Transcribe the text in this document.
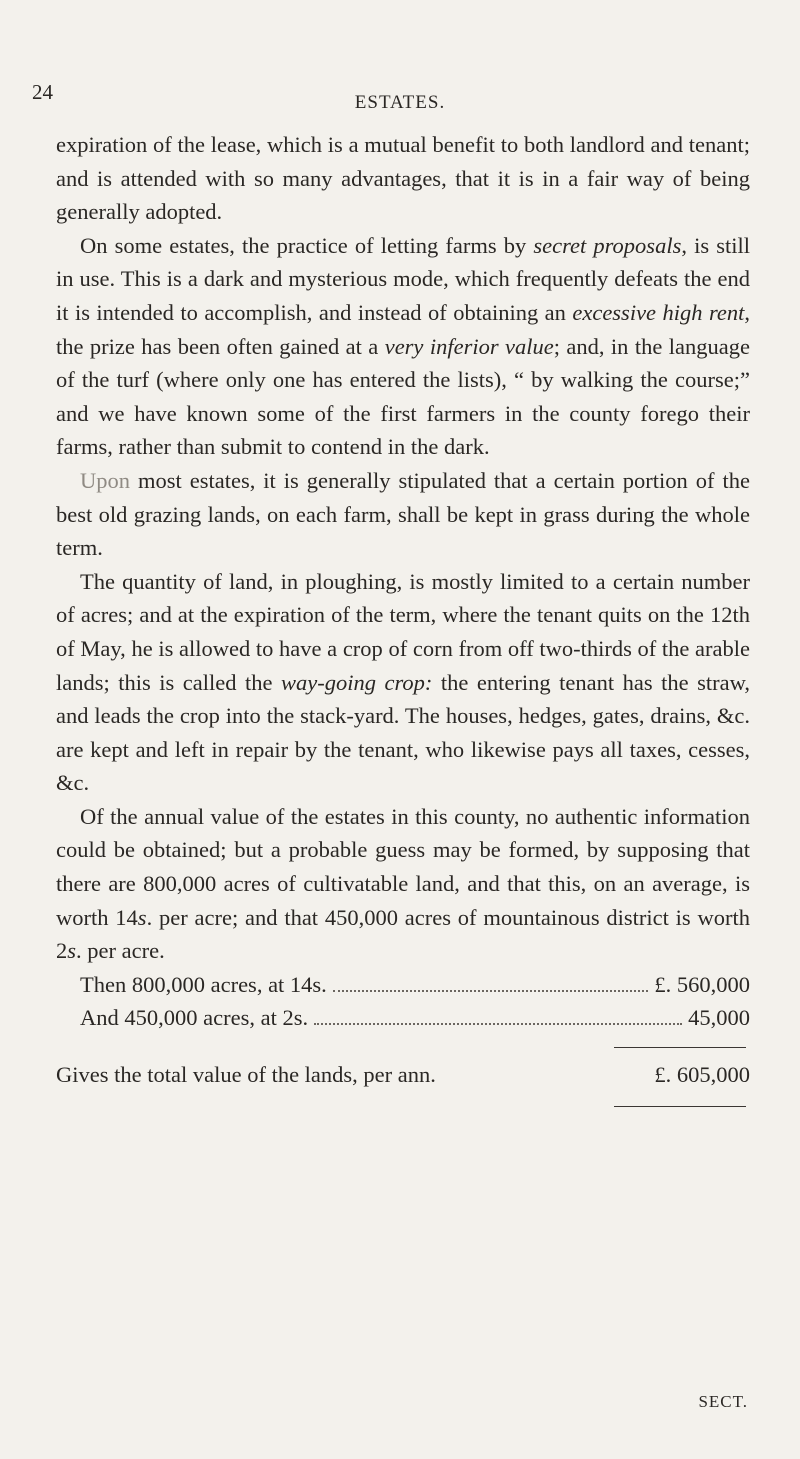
24	ESTATES.

expiration of the lease, which is a mutual benefit to both landlord and tenant; and is attended with so many advantages, that it is in a fair way of being generally adopted.

On some estates, the practice of letting farms by secret proposals, is still in use. This is a dark and mysterious mode, which frequently defeats the end it is intended to accomplish, and instead of obtaining an excessive high rent, the prize has been often gained at a very inferior value; and, in the language of the turf (where only one has entered the lists), “ by walking the course;” and we have known some of the first farmers in the county forego their farms, rather than submit to contend in the dark.

Upon most estates, it is generally stipulated that a certain portion of the best old grazing lands, on each farm, shall be kept in grass during the whole term.

The quantity of land, in ploughing, is mostly limited to a certain number of acres; and at the expiration of the term, where the tenant quits on the 12th of May, he is allowed to have a crop of corn from off two-thirds of the arable lands; this is called the way-going crop: the entering tenant has the straw, and leads the crop into the stack-yard. The houses, hedges, gates, drains, &c. are kept and left in repair by the tenant, who likewise pays all taxes, cesses, &c.

Of the annual value of the estates in this county, no authentic information could be obtained; but a probable guess may be formed, by supposing that there are 800,000 acres of cultivatable land, and that this, on an average, is worth 14s. per acre; and that 450,000 acres of mountainous district is worth 2s. per acre.

Then 800,000 acres, at 14s.	£. 560,000
And 450,000 acres, at 2s.	45,000
Gives the total value of the lands, per ann.	£. 605,000
SECT.
